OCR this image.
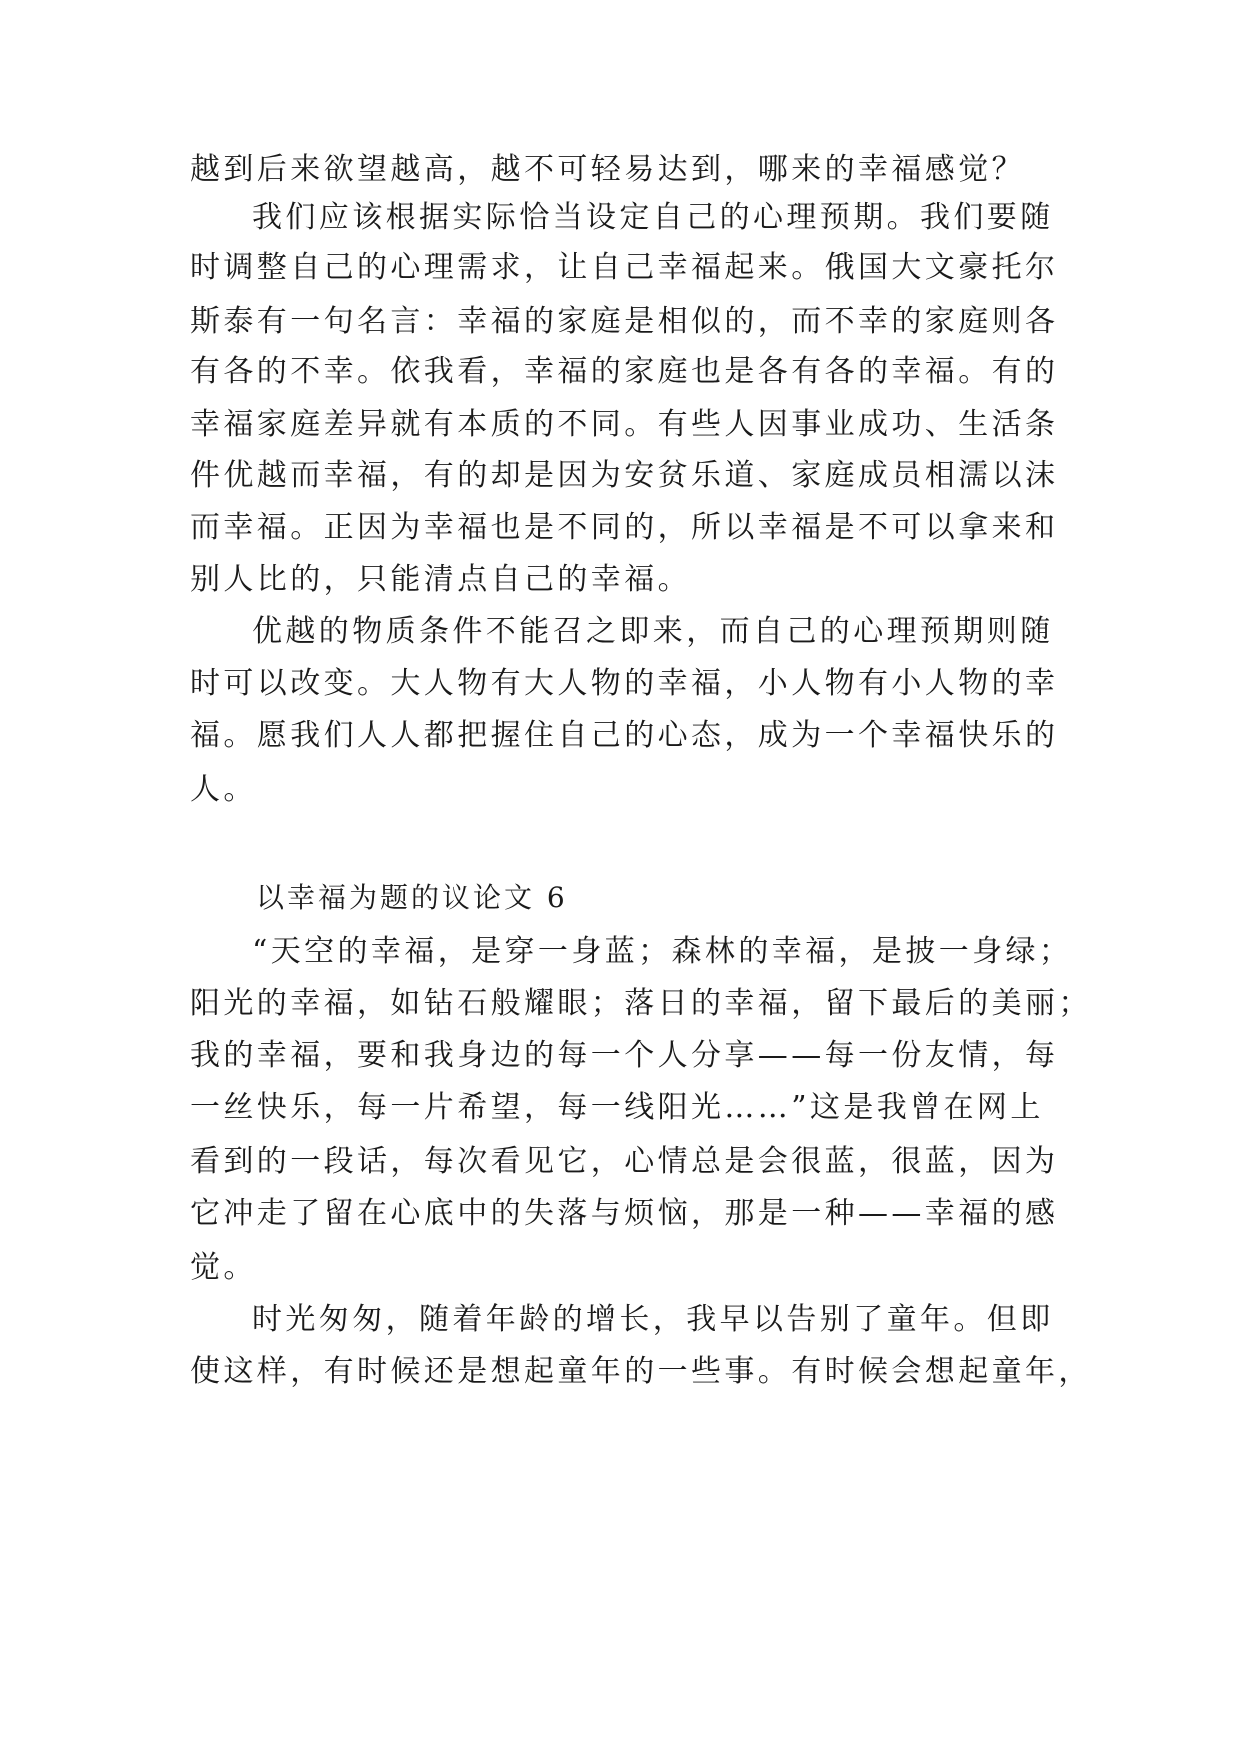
越到后来欲望越高，越不可轻易达到，哪来的幸福感觉？
我们应该根据实际恰当设定自己的心理预期。我们要随
时调整自己的心理需求，让自己幸福起来。俄国大文豪托尔
斯泰有一句名言：幸福的家庭是相似的，而不幸的家庭则各
有各的不幸。依我看，幸福的家庭也是各有各的幸福。有的
幸福家庭差异就有本质的不同。有些人因事业成功、生活条
件优越而幸福，有的却是因为安贫乐道、家庭成员相濡以沫
而幸福。正因为幸福也是不同的，所以幸福是不可以拿来和
别人比的，只能清点自己的幸福。
优越的物质条件不能召之即来，而自己的心理预期则随
时可以改变。大人物有大人物的幸福，小人物有小人物的幸
福。愿我们人人都把握住自己的心态，成为一个幸福快乐的
人。
以幸福为题的议论文 6
“天空的幸福，是穿一身蓝；森林的幸福，是披一身绿；
阳光的幸福，如钻石般耀眼；落日的幸福，留下最后的美丽；
我的幸福，要和我身边的每一个人分享——每一份友情，每
一丝快乐，每一片希望，每一线阳光……”这是我曾在网上
看到的一段话，每次看见它，心情总是会很蓝，很蓝，因为
它冲走了留在心底中的失落与烦恼，那是一种——幸福的感
觉。
时光匆匆，随着年龄的增长，我早以告别了童年。但即
使这样，有时候还是想起童年的一些事。有时候会想起童年，
